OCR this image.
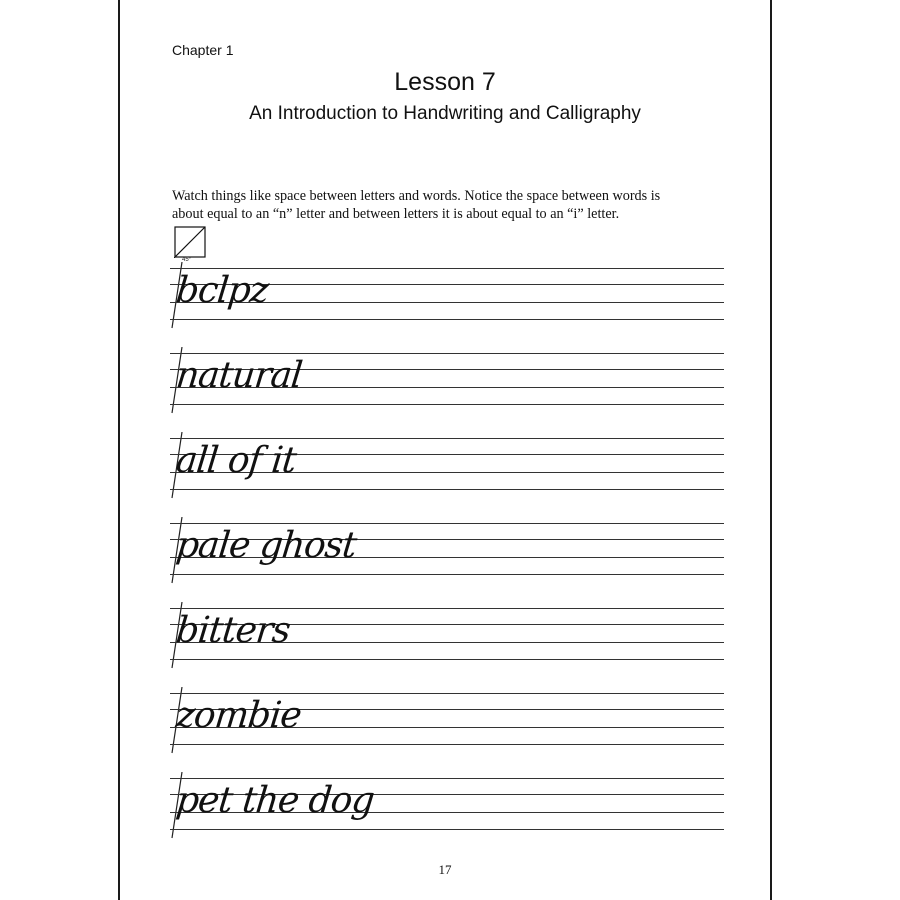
Chapter 1
Lesson 7
An Introduction to Handwriting and Calligraphy
Watch things like space between letters and words. Notice the space between words is
about equal to an “n” letter and between letters it is about equal to an “i” letter.
45°
bclpz
natural
all of it
pale ghost
bitters
zombie
pet the dog
17
